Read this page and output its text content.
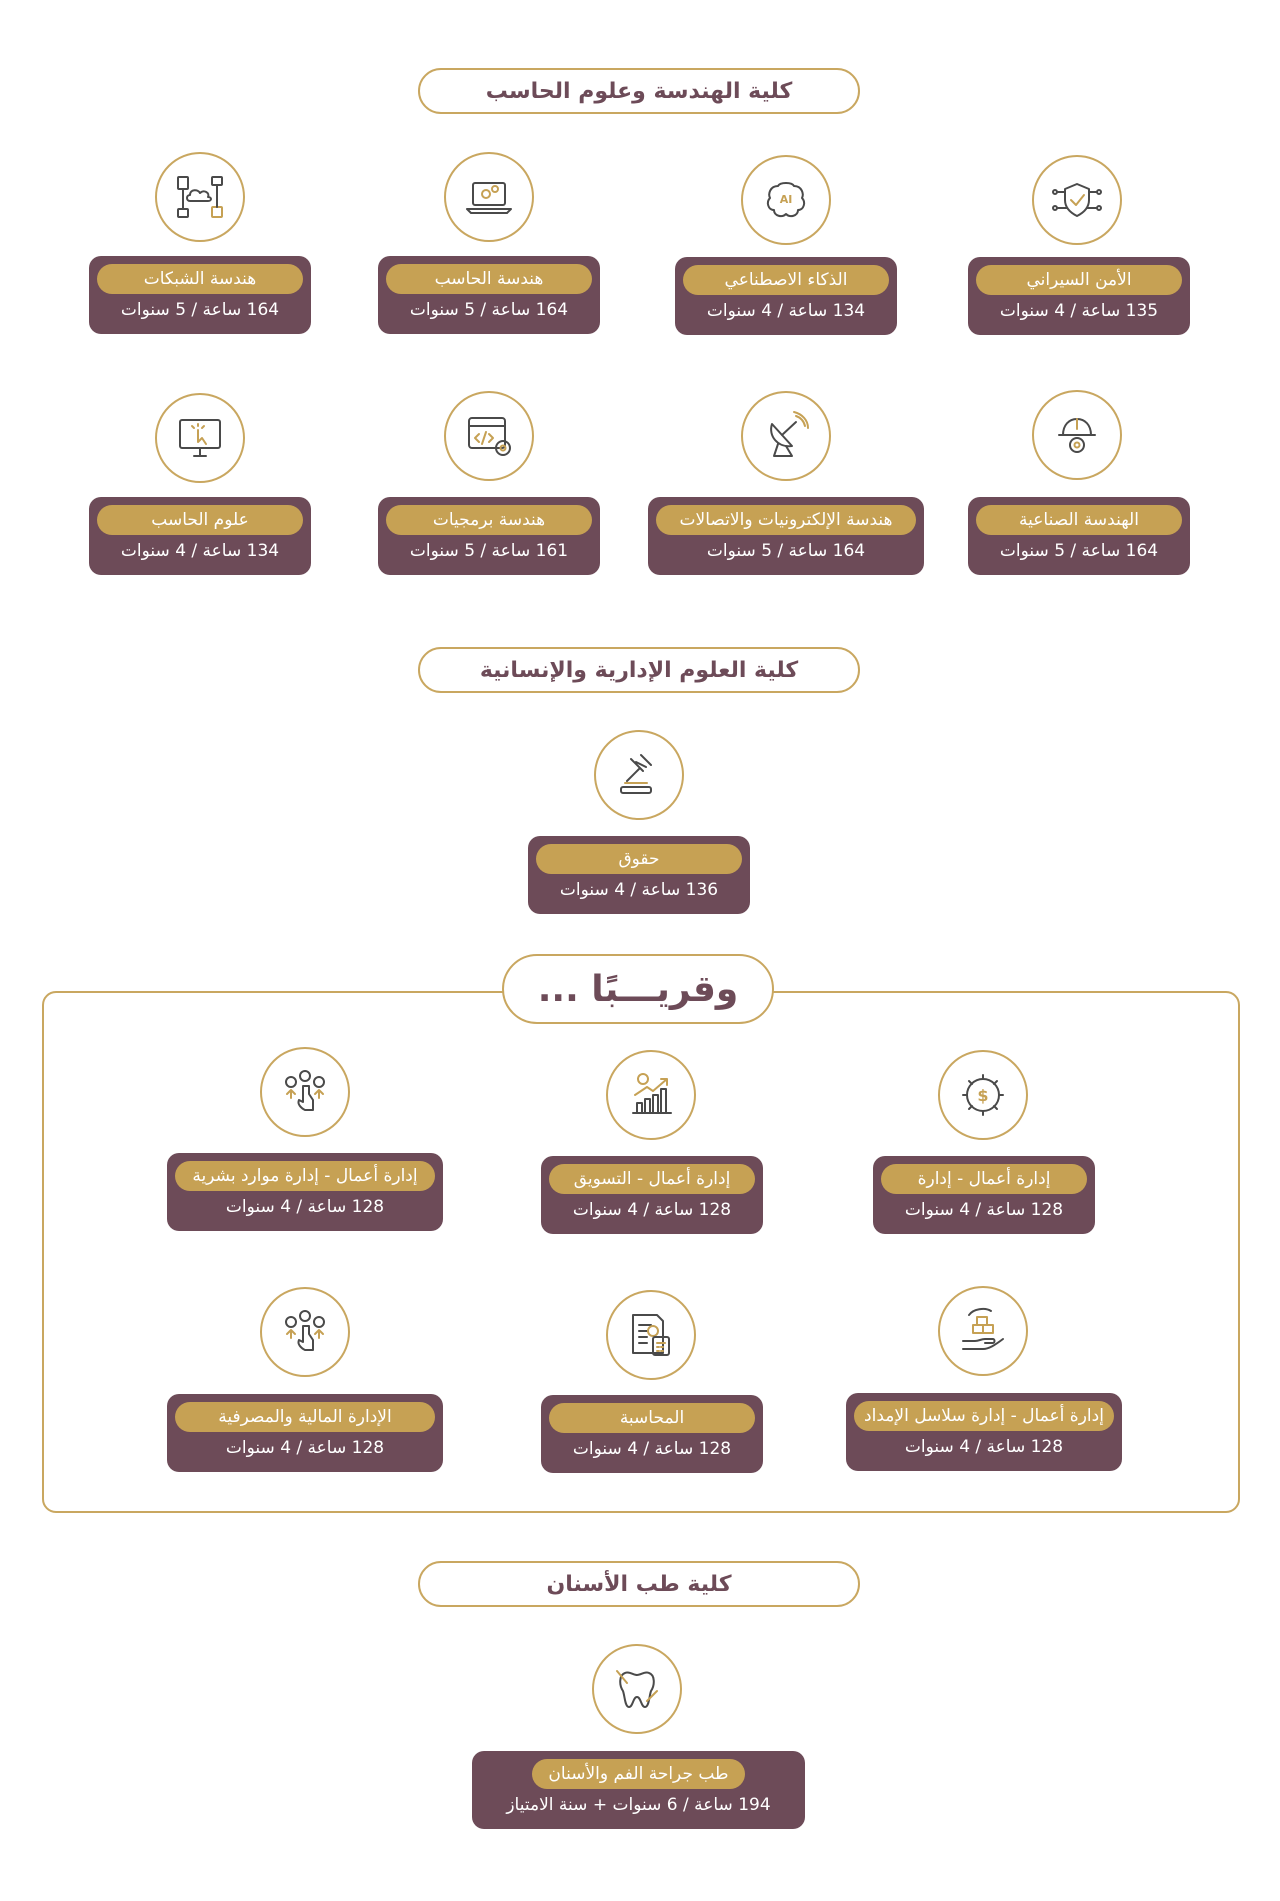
كلية الهندسة وعلوم الحاسب
كلية العلوم الإدارية والإنسانية
كلية طب الأسنان
الأمن السيراني
135 ساعة / 4 سنوات
AI
الذكاء الاصطناعي
134 ساعة / 4 سنوات
هندسة الحاسب
164 ساعة / 5 سنوات
هندسة الشبكات
164 ساعة / 5 سنوات
الهندسة الصناعية
164 ساعة / 5 سنوات
هندسة الإلكترونيات والاتصالات
164 ساعة / 5 سنوات
هندسة برمجيات
161 ساعة / 5 سنوات
علوم الحاسب
134 ساعة / 4 سنوات
حقوق
136 ساعة / 4 سنوات
وقريـــبًا ...
$
إدارة أعمال - إدارة
128 ساعة / 4 سنوات
إدارة أعمال - التسويق
128 ساعة / 4 سنوات
إدارة أعمال - إدارة موارد بشرية
128 ساعة / 4 سنوات
إدارة أعمال - إدارة سلاسل الإمداد
128 ساعة / 4 سنوات
المحاسبة
128 ساعة / 4 سنوات
الإدارة المالية والمصرفية
128 ساعة / 4 سنوات
طب جراحة الفم والأسنان
194 ساعة / 6 سنوات + سنة الامتياز
